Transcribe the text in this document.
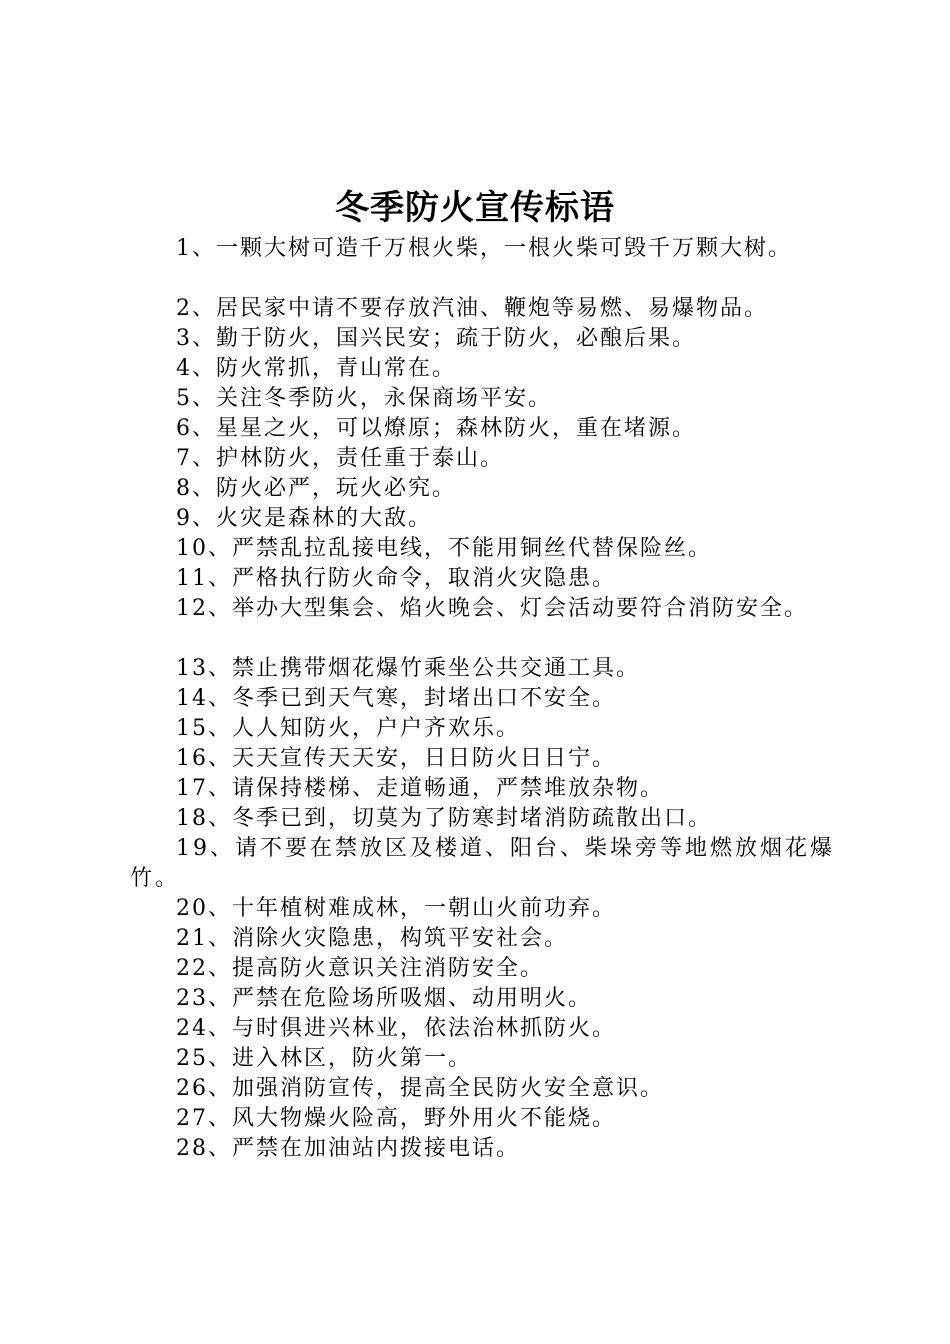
冬季防火宣传标语
1、一颗大树可造千万根火柴，一根火柴可毁千万颗大树。
2、居民家中请不要存放汽油、鞭炮等易燃、易爆物品。
3、勤于防火，国兴民安；疏于防火，必酿后果。
4、防火常抓，青山常在。
5、关注冬季防火，永保商场平安。
6、星星之火，可以燎原；森林防火，重在堵源。
7、护林防火，责任重于泰山。
8、防火必严，玩火必究。
9、火灾是森林的大敌。
10、严禁乱拉乱接电线，不能用铜丝代替保险丝。
11、严格执行防火命令，取消火灾隐患。
12、举办大型集会、焰火晚会、灯会活动要符合消防安全。
13、禁止携带烟花爆竹乘坐公共交通工具。
14、冬季已到天气寒，封堵出口不安全。
15、人人知防火，户户齐欢乐。
16、天天宣传天天安，日日防火日日宁。
17、请保持楼梯、走道畅通，严禁堆放杂物。
18、冬季已到，切莫为了防寒封堵消防疏散出口。
19、请不要在禁放区及楼道、阳台、柴垛旁等地燃放烟花爆竹。
20、十年植树难成林，一朝山火前功弃。
21、消除火灾隐患，构筑平安社会。
22、提高防火意识关注消防安全。
23、严禁在危险场所吸烟、动用明火。
24、与时俱进兴林业，依法治林抓防火。
25、进入林区，防火第一。
26、加强消防宣传，提高全民防火安全意识。
27、风大物燥火险高，野外用火不能烧。
28、严禁在加油站内拨接电话。
